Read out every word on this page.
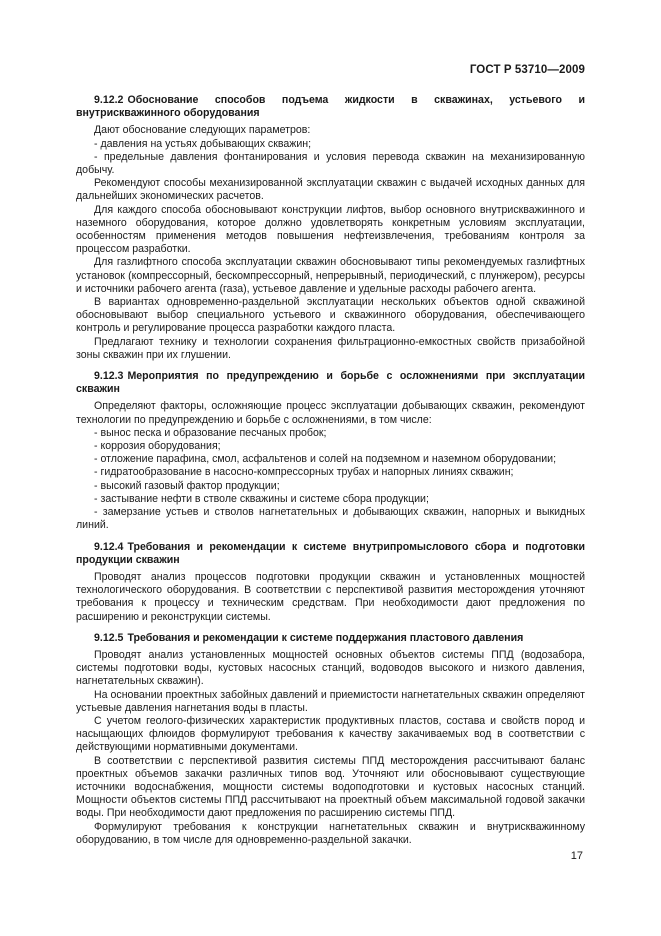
ГОСТ Р 53710—2009
9.12.2 Обоснование способов подъема жидкости в скважинах, устьевого и внутрискважинного оборудования

Дают обоснование следующих параметров:

- давления на устьях добывающих скважин;

- предельные давления фонтанирования и условия перевода скважин на механизированную добычу.

Рекомендуют способы механизированной эксплуатации скважин с выдачей исходных данных для дальнейших экономических расчетов.

Для каждого способа обосновывают конструкции лифтов, выбор основного внутрискважинного и наземного оборудования, которое должно удовлетворять конкретным условиям эксплуатации, особенностям применения методов повышения нефтеизвлечения, требованиям контроля за процессом разработки.

Для газлифтного способа эксплуатации скважин обосновывают типы рекомендуемых газлифтных установок (компрессорный, бескомпрессорный, непрерывный, периодический, с плунжером), ресурсы и источники рабочего агента (газа), устьевое давление и удельные расходы рабочего агента.

В вариантах одновременно-раздельной эксплуатации нескольких объектов одной скважиной обосновывают выбор специального устьевого и скважинного оборудования, обеспечивающего контроль и регулирование процесса разработки каждого пласта.

Предлагают технику и технологии сохранения фильтрационно-емкостных свойств призабойной зоны скважин при их глушении.

9.12.3 Мероприятия по предупреждению и борьбе с осложнениями при эксплуатации скважин

Определяют факторы, осложняющие процесс эксплуатации добывающих скважин, рекомендуют технологии по предупреждению и борьбе с осложнениями, в том числе:

- вынос песка и образование песчаных пробок;

- коррозия оборудования;

- отложение парафина, смол, асфальтенов и солей на подземном и наземном оборудовании;

- гидратообразование в насосно-компрессорных трубах и напорных линиях скважин;

- высокий газовый фактор продукции;

- застывание нефти в стволе скважины и системе сбора продукции;

- замерзание устьев и стволов нагнетательных и добывающих скважин, напорных и выкидных линий.

9.12.4 Требования и рекомендации к системе внутрипромыслового сбора и подготовки продукции скважин

Проводят анализ процессов подготовки продукции скважин и установленных мощностей технологического оборудования. В соответствии с перспективой развития месторождения уточняют требования к процессу и техническим средствам. При необходимости дают предложения по расширению и реконструкции системы.

9.12.5 Требования и рекомендации к системе поддержания пластового давления

Проводят анализ установленных мощностей основных объектов системы ППД (водозабора, системы подготовки воды, кустовых насосных станций, водоводов высокого и низкого давления, нагнетательных скважин).

На основании проектных забойных давлений и приемистости нагнетательных скважин определяют устьевые давления нагнетания воды в пласты.

С учетом геолого-физических характеристик продуктивных пластов, состава и свойств пород и насыщающих флюидов формулируют требования к качеству закачиваемых вод в соответствии с действующими нормативными документами.

В соответствии с перспективой развития системы ППД месторождения рассчитывают баланс проектных объемов закачки различных типов вод. Уточняют или обосновывают существующие источники водоснабжения, мощности системы водоподготовки и кустовых насосных станций. Мощности объектов системы ППД рассчитывают на проектный объем максимальной годовой закачки воды. При необходимости дают предложения по расширению системы ППД.

Формулируют требования к конструкции нагнетательных скважин и внутрискважинному оборудованию, в том числе для одновременно-раздельной закачки.

17
